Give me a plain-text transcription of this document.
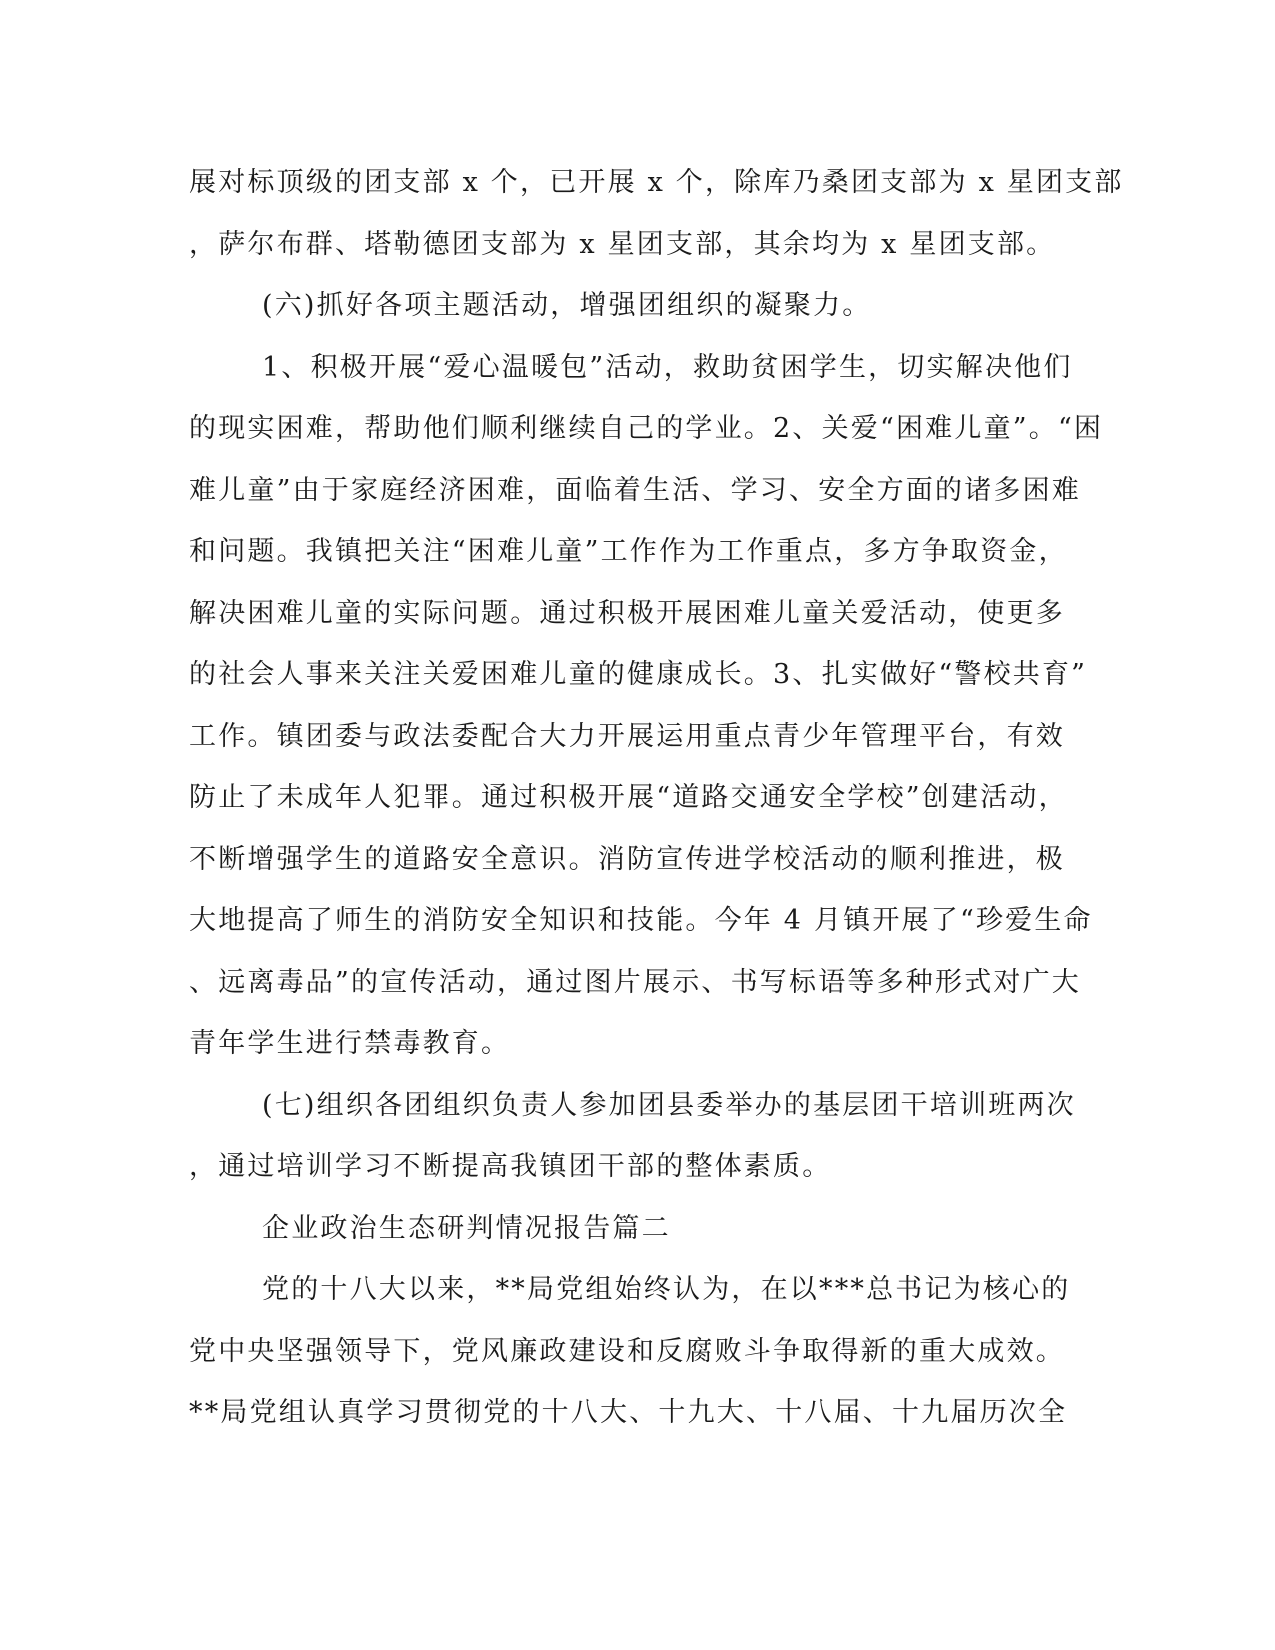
展对标顶级的团支部 x 个，已开展 x 个，除库乃桑团支部为 x 星团支部
，萨尔布群、塔勒德团支部为 x 星团支部，其余均为 x 星团支部。
(六)抓好各项主题活动，增强团组织的凝聚力。
1、积极开展“爱心温暖包”活动，救助贫困学生，切实解决他们
的现实困难，帮助他们顺利继续自己的学业。2、关爱“困难儿童”。“困
难儿童”由于家庭经济困难，面临着生活、学习、安全方面的诸多困难
和问题。我镇把关注“困难儿童”工作作为工作重点，多方争取资金，
解决困难儿童的实际问题。通过积极开展困难儿童关爱活动，使更多
的社会人事来关注关爱困难儿童的健康成长。3、扎实做好“警校共育”
工作。镇团委与政法委配合大力开展运用重点青少年管理平台，有效
防止了未成年人犯罪。通过积极开展“道路交通安全学校”创建活动，
不断增强学生的道路安全意识。消防宣传进学校活动的顺利推进，极
大地提高了师生的消防安全知识和技能。今年 4 月镇开展了“珍爱生命
、远离毒品”的宣传活动，通过图片展示、书写标语等多种形式对广大
青年学生进行禁毒教育。
(七)组织各团组织负责人参加团县委举办的基层团干培训班两次
，通过培训学习不断提高我镇团干部的整体素质。
企业政治生态研判情况报告篇二
党的十八大以来，**局党组始终认为，在以***总书记为核心的
党中央坚强领导下，党风廉政建设和反腐败斗争取得新的重大成效。
**局党组认真学习贯彻党的十八大、十九大、十八届、十九届历次全
